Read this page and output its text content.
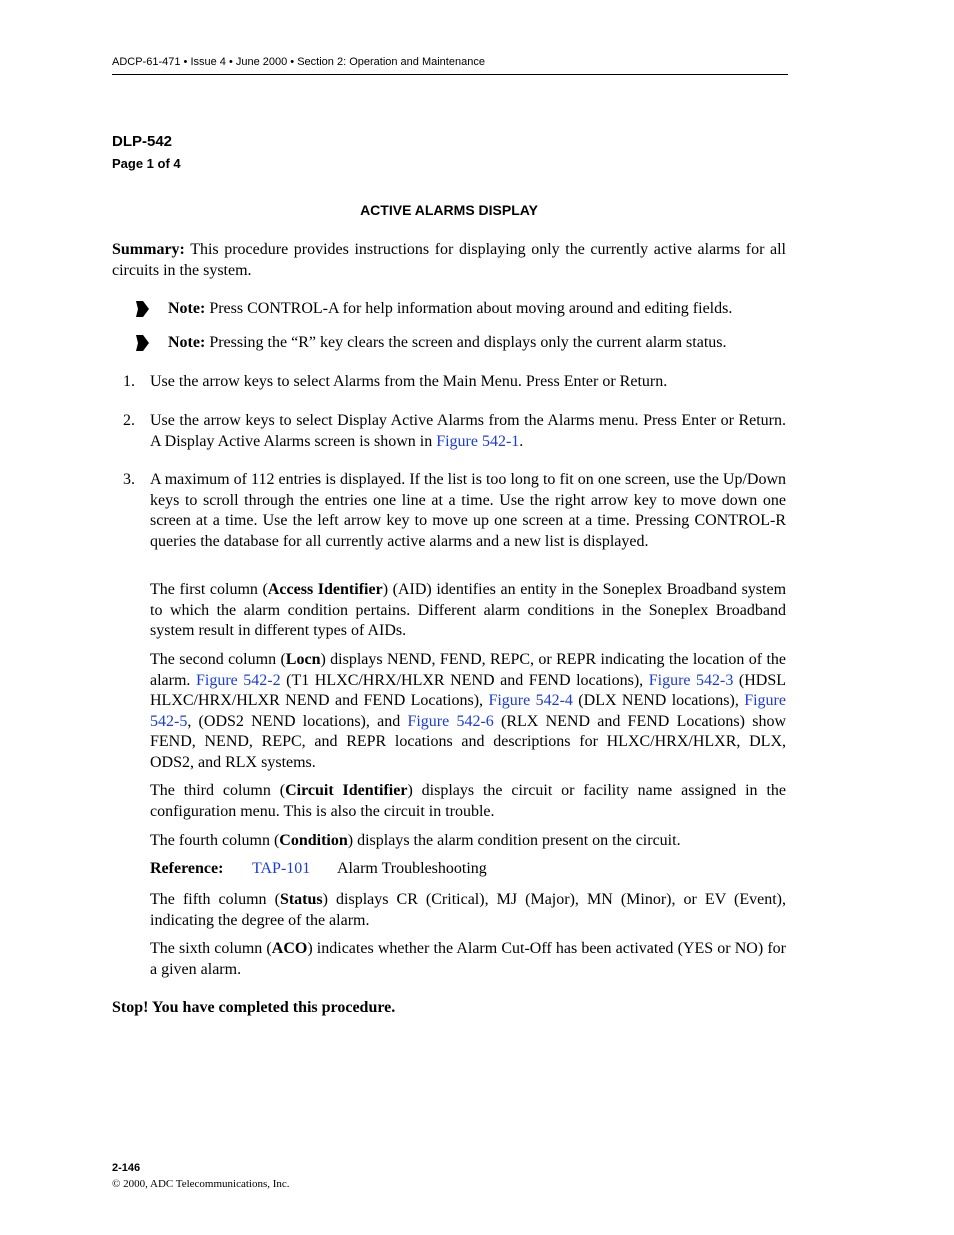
ADCP-61-471 • Issue 4 • June 2000 • Section 2: Operation and Maintenance
DLP-542
Page 1 of 4
ACTIVE ALARMS DISPLAY

Summary: This procedure provides instructions for displaying only the currently active alarms for all circuits in the system.

Note: Press CONTROL-A for help information about moving around and editing fields.
Note: Pressing the “R” key clears the screen and displays only the current alarm status.
1. Use the arrow keys to select Alarms from the Main Menu. Press Enter or Return.

2. Use the arrow keys to select Display Active Alarms from the Alarms menu. Press Enter or Return. A Display Active Alarms screen is shown in Figure 542-1.

3. A maximum of 112 entries is displayed. If the list is too long to fit on one screen, use the Up/Down keys to scroll through the entries one line at a time. Use the right arrow key to move down one screen at a time. Use the left arrow key to move up one screen at a time. Pressing CONTROL-R queries the database for all currently active alarms and a new list is displayed.

The first column (Access Identifier) (AID) identifies an entity in the Soneplex Broadband system to which the alarm condition pertains. Different alarm conditions in the Soneplex Broadband system result in different types of AIDs.

The second column (Locn) displays NEND, FEND, REPC, or REPR indicating the location of the alarm. Figure 542-2 (T1 HLXC/HRX/HLXR NEND and FEND locations), Figure 542-3 (HDSL HLXC/HRX/HLXR NEND and FEND Locations), Figure 542-4 (DLX NEND locations), Figure 542-5, (ODS2 NEND locations), and Figure 542-6 (RLX NEND and FEND Locations) show FEND, NEND, REPC, and REPR locations and descriptions for HLXC/HRX/HLXR, DLX, ODS2, and RLX systems.

The third column (Circuit Identifier) displays the circuit or facility name assigned in the configuration menu. This is also the circuit in trouble.

The fourth column (Condition) displays the alarm condition present on the circuit.

Reference: TAP-101 Alarm Troubleshooting

The fifth column (Status) displays CR (Critical), MJ (Major), MN (Minor), or EV (Event), indicating the degree of the alarm.

The sixth column (ACO) indicates whether the Alarm Cut-Off has been activated (YES or NO) for a given alarm.

Stop! You have completed this procedure.
2-146
© 2000, ADC Telecommunications, Inc.
